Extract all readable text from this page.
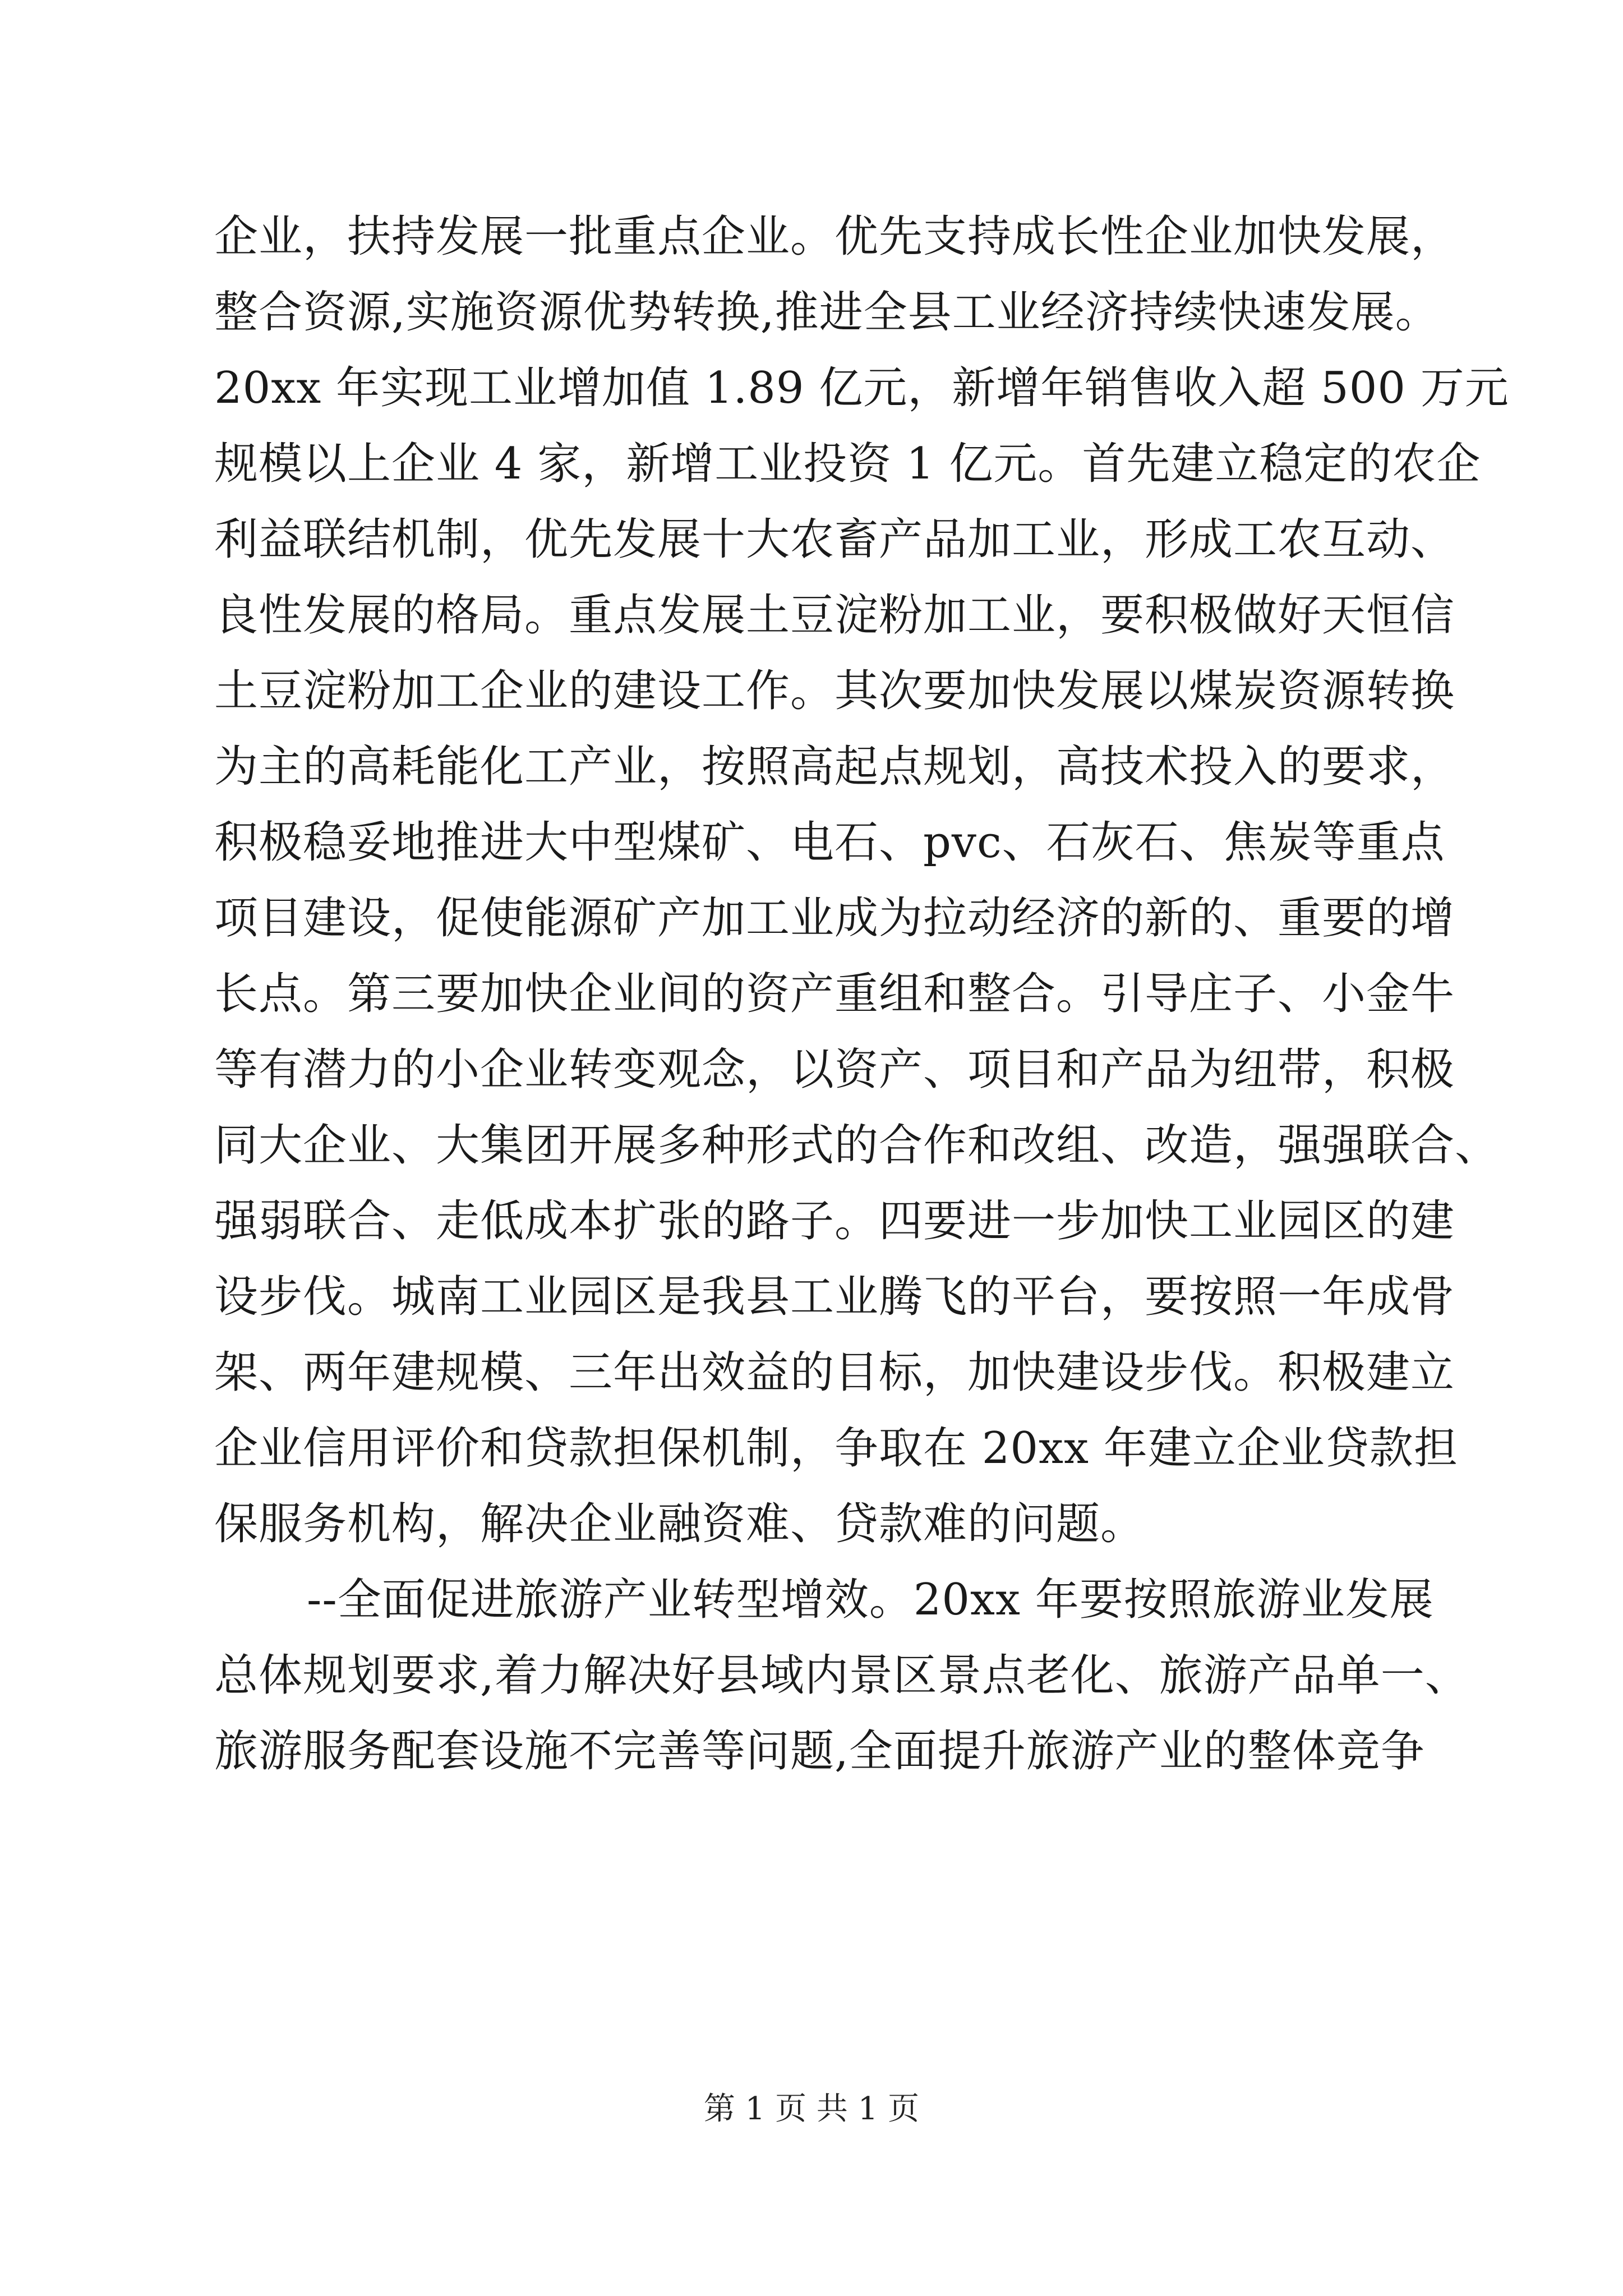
企业，扶持发展一批重点企业。优先支持成长性企业加快发展，
整合资源,实施资源优势转换,推进全县工业经济持续快速发展。
20xx 年实现工业增加值 1.89 亿元，新增年销售收入超 500 万元
规模以上企业 4 家，新增工业投资 1 亿元。首先建立稳定的农企
利益联结机制，优先发展十大农畜产品加工业，形成工农互动、
良性发展的格局。重点发展土豆淀粉加工业，要积极做好天恒信
土豆淀粉加工企业的建设工作。其次要加快发展以煤炭资源转换
为主的高耗能化工产业，按照高起点规划，高技术投入的要求，
积极稳妥地推进大中型煤矿、电石、pvc、石灰石、焦炭等重点
项目建设，促使能源矿产加工业成为拉动经济的新的、重要的增
长点。第三要加快企业间的资产重组和整合。引导庄子、小金牛
等有潜力的小企业转变观念，以资产、项目和产品为纽带，积极
同大企业、大集团开展多种形式的合作和改组、改造，强强联合、
强弱联合、走低成本扩张的路子。四要进一步加快工业园区的建
设步伐。城南工业园区是我县工业腾飞的平台，要按照一年成骨
架、两年建规模、三年出效益的目标，加快建设步伐。积极建立
企业信用评价和贷款担保机制，争取在 20xx 年建立企业贷款担
保服务机构，解决企业融资难、贷款难的问题。
--全面促进旅游产业转型增效。20xx 年要按照旅游业发展
总体规划要求,着力解决好县域内景区景点老化、旅游产品单一、
旅游服务配套设施不完善等问题,全面提升旅游产业的整体竞争
第 1 页 共 1 页
